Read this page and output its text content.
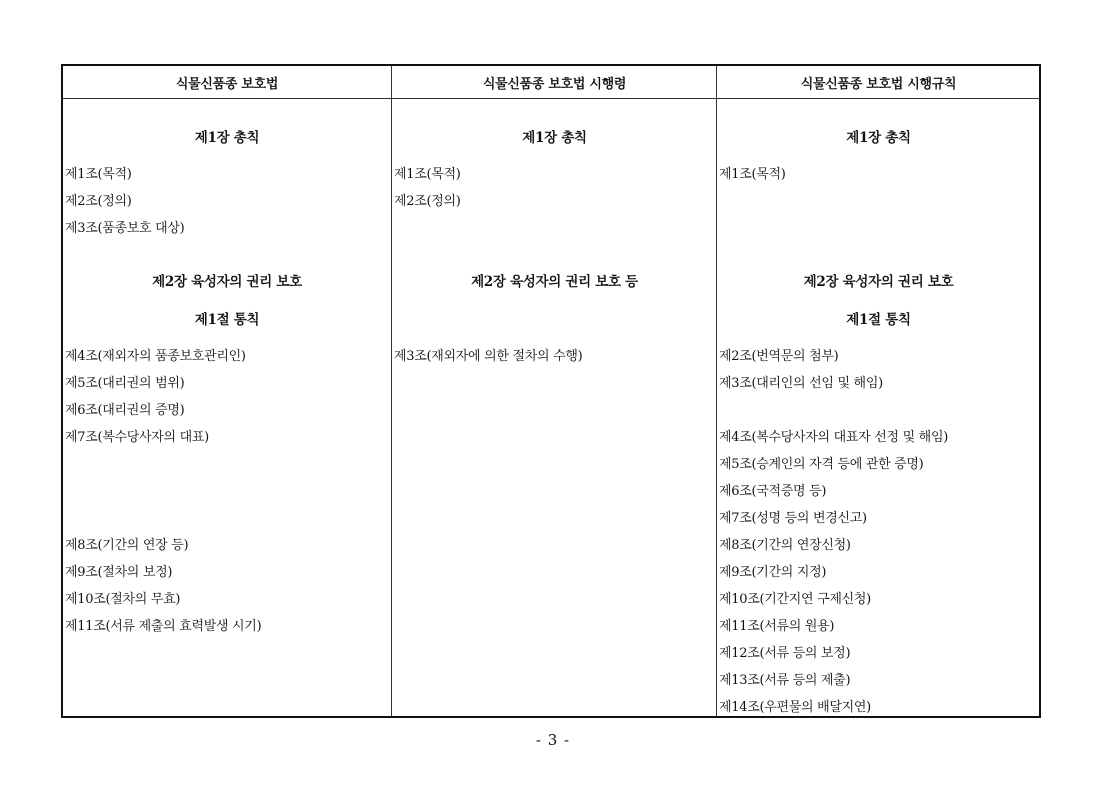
식물신품종 보호법
제1장 총칙
제1조(목적)
제2조(정의)
제3조(품종보호 대상)
제2장 육성자의 권리 보호
제1절 통칙
제4조(재외자의 품종보호관리인)
제5조(대리권의 범위)
제6조(대리권의 증명)
제7조(복수당사자의 대표)
제8조(기간의 연장 등)
제9조(절차의 보정)
제10조(절차의 무효)
제11조(서류 제출의 효력발생 시기)
식물신품종 보호법 시행령
제1장 총칙
제1조(목적)
제2조(정의)
제2장 육성자의 권리 보호 등
제3조(재외자에 의한 절차의 수행)
식물신품종 보호법 시행규칙
제1장 총칙
제1조(목적)
제2장 육성자의 권리 보호
제1절 통칙
제2조(번역문의 첨부)
제3조(대리인의 선임 및 해임)
제4조(복수당사자의 대표자 선정 및 해임)
제5조(승계인의 자격 등에 관한 증명)
제6조(국적증명 등)
제7조(성명 등의 변경신고)
제8조(기간의 연장신청)
제9조(기간의 지정)
제10조(기간지연 구제신청)
제11조(서류의 원용)
제12조(서류 등의 보정)
제13조(서류 등의 제출)
제14조(우편물의 배달지연)
- 3 -
